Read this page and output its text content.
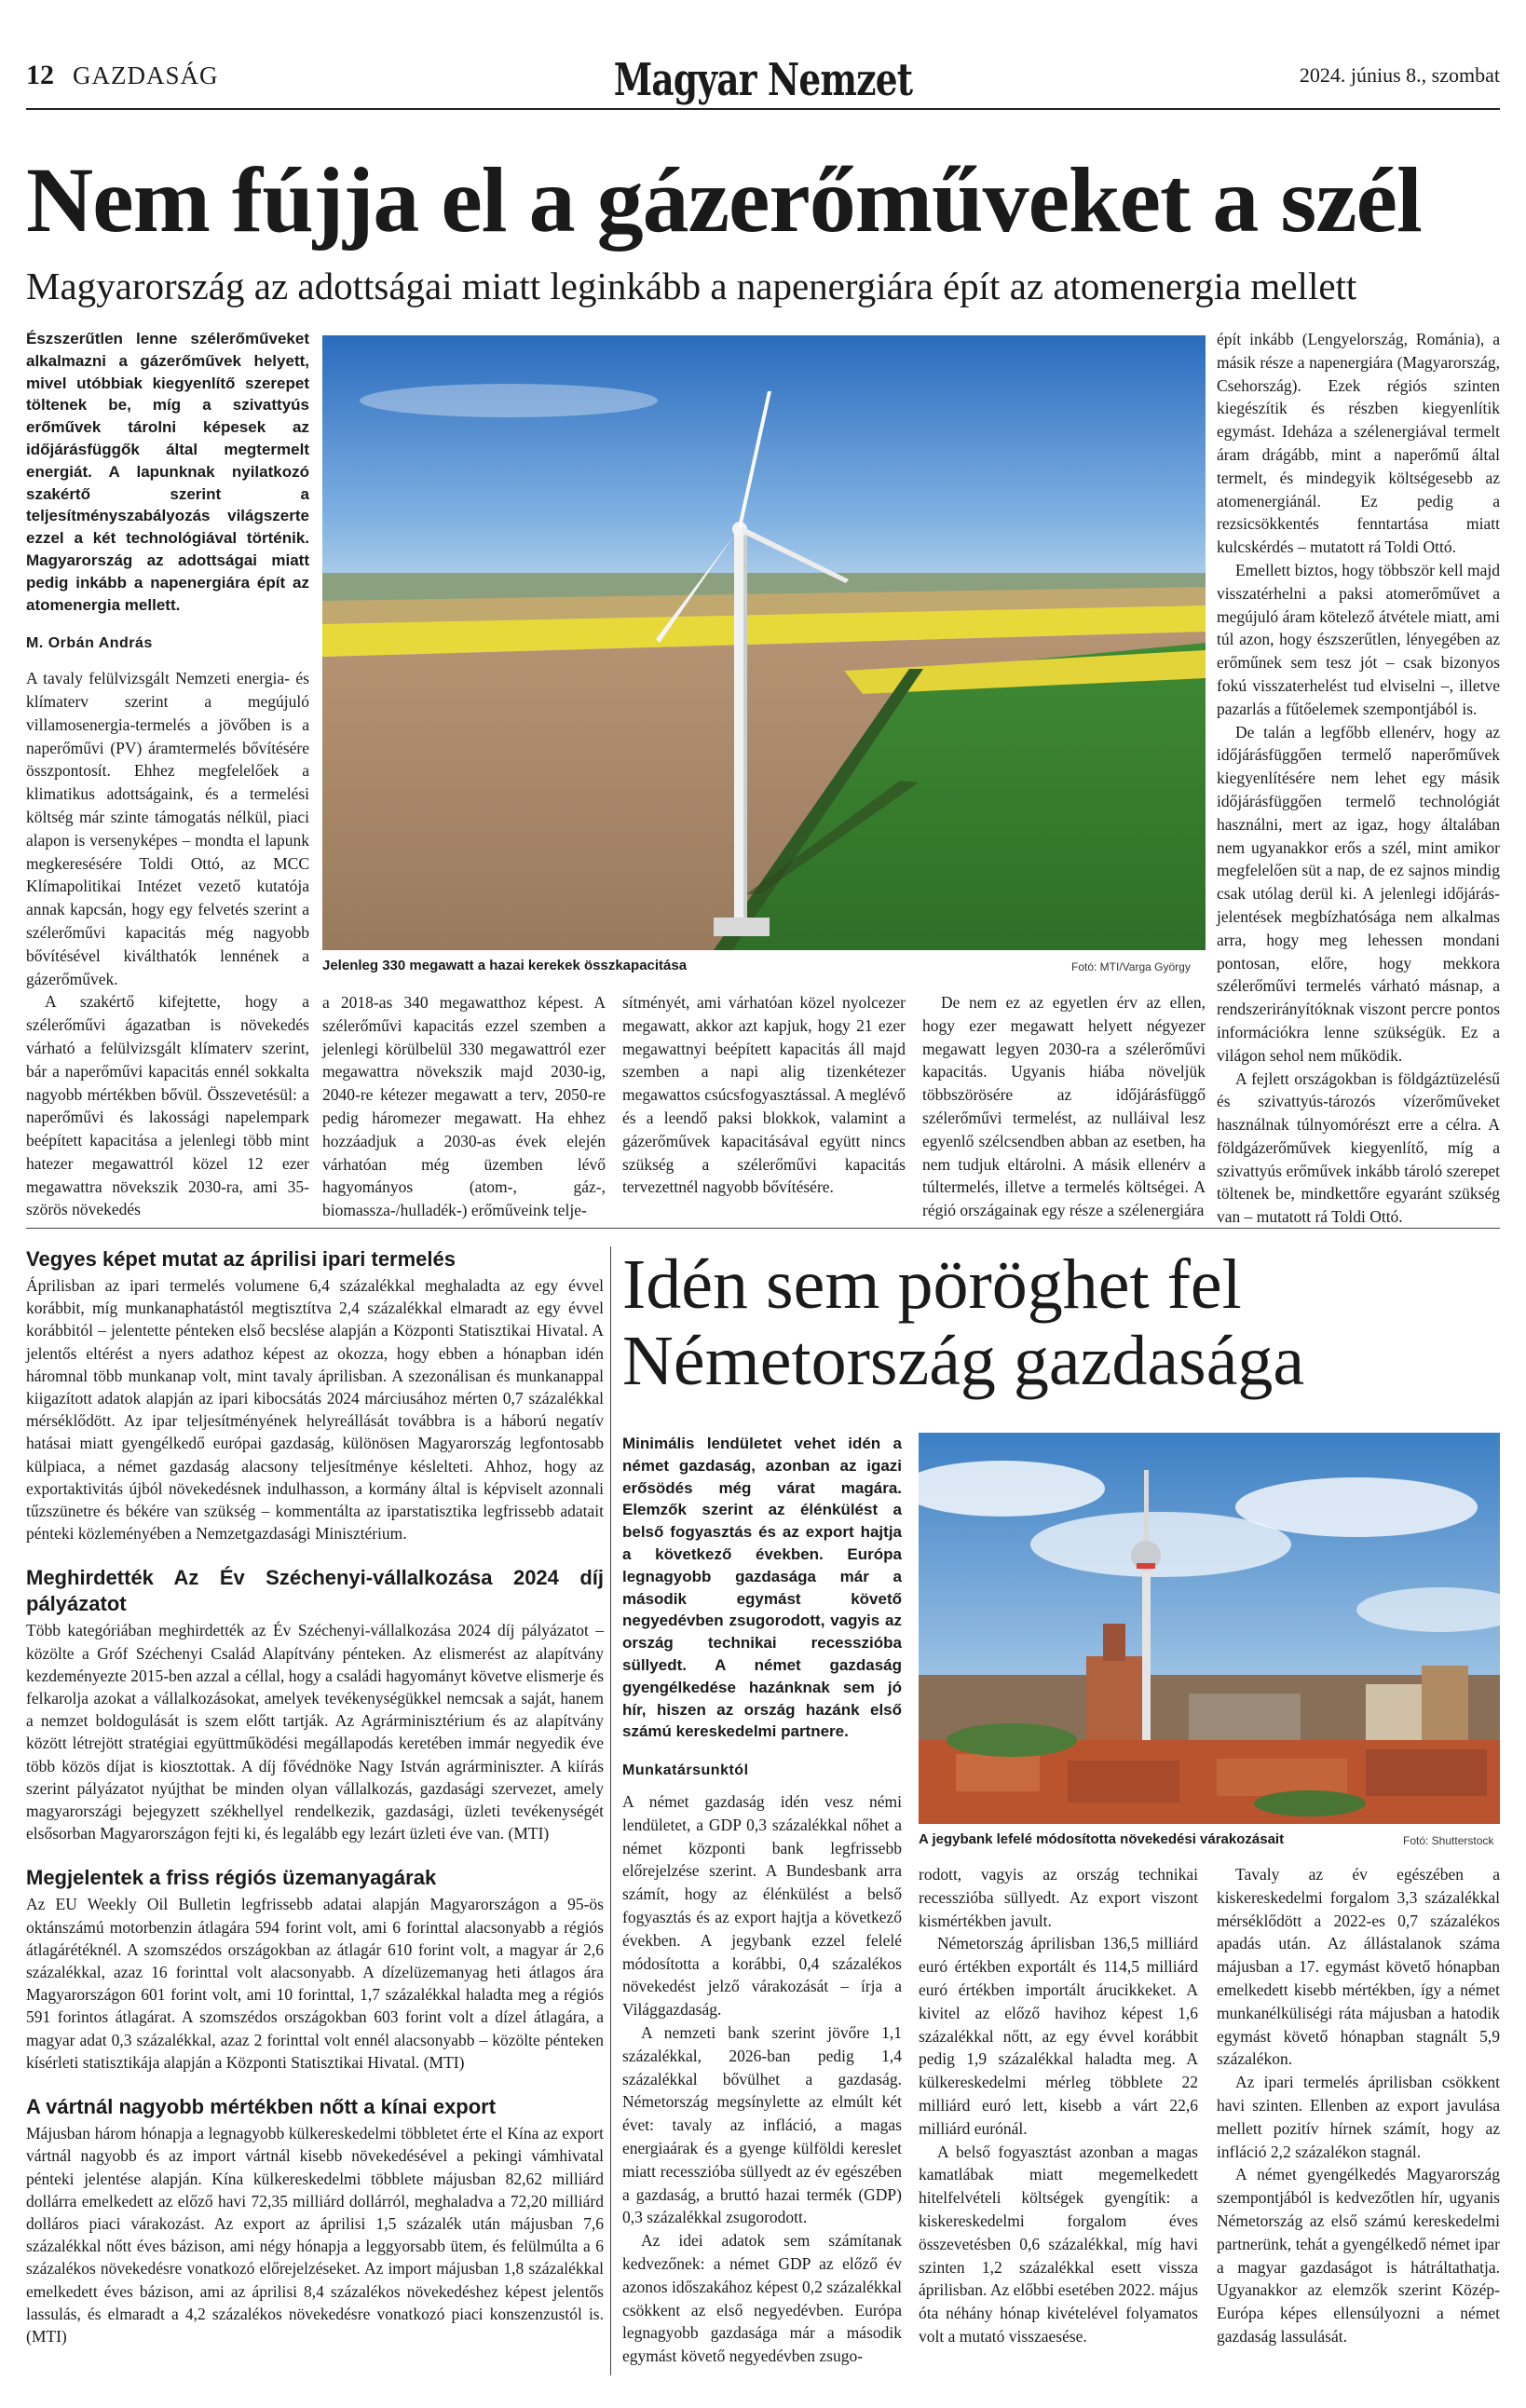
12 GAZDASÁG	Magyar Nemzet	2024. június 8., szombat
Nem fújja el a gázerőműveket a szél
Magyarország az adottságai miatt leginkább a napenergiára épít az atomenergia mellett

Észszerűtlen lenne szélerőműveket alkalmazni a gázerőművek helyett, mivel utóbbiak kiegyenlítő szerepet töltenek be, míg a szivattyús erőművek tárolni képesek az időjárásfüggők által megtermelt energiát. A lapunknak nyilatkozó szakértő szerint a teljesítményszabályozás világszerte ezzel a két technológiával történik. Magyarország az adottságai miatt pedig inkább a napenergiára épít az atomenergia mellett.

M. Orbán András

A tavaly felülvizsgált Nemzeti energia- és klímaterv szerint a megújuló villamosenergia-termelés a jövőben is a naperőművi (PV) áramtermelés bővítésére összpontosít. Ehhez megfelelőek a klimatikus adottságaink, és a termelési költség már szinte támogatás nélkül, piaci alapon is versenyképes – mondta el lapunk megkeresésére Toldi Ottó, az MCC Klímapolitikai Intézet vezető kutatója annak kapcsán, hogy egy felvetés szerint a szélerőművi kapacitás még nagyobb bővítésével kiválthatók lennének a gázerőművek.

A szakértő kifejtette, hogy a szélerőművi ágazatban is növekedés várható a felülvizsgált klímaterv szerint, bár a naperőművi kapacitás ennél sokkalta nagyobb mértékben bővül. Összevetésül: a naperőművi és lakossági napelempark beépített kapacitása a jelenlegi több mint hatezer megawattról közel 12 ezer megawattra növekszik 2030-ra, ami 35-szörös növekedés

Jelenleg 330 megawatt a hazai kerekek összkapacitása	Fotó: MTI/Varga György

a 2018-as 340 megawatthoz képest. A szélerőművi kapacitás ezzel szemben a jelenlegi körülbelül 330 megawattról ezer megawattra növekszik majd 2030-ig, 2040-re kétezer megawatt a terv, 2050-re pedig háromezer megawatt. Ha ehhez hozzáadjuk a 2030-as évek elején várhatóan még üzemben lévő hagyományos (atom-, gáz-, biomassza-/hulladék-) erőműveink telje-

sítményét, ami várhatóan közel nyolcezer megawatt, akkor azt kapjuk, hogy 21 ezer megawattnyi beépített kapacitás áll majd szemben a napi alig tizenkétezer megawattos csúcsfogyasztással. A meglévő és a leendő paksi blokkok, valamint a gázerőművek kapacitásával együtt nincs szükség a szélerőművi kapacitás tervezettnél nagyobb bővítésére.

De nem ez az egyetlen érv az ellen, hogy ezer megawatt helyett négyezer megawatt legyen 2030-ra a szélerőművi kapacitás. Ugyanis hiába növeljük többszörösére az időjárásfüggő szélerőművi termelést, az nulláival lesz egyenlő szélcsendben abban az esetben, ha nem tudjuk eltárolni. A másik ellenérv a túltermelés, illetve a termelés költségei. A régió országainak egy része a szélenergiára

épít inkább (Lengyelország, Románia), a másik része a napenergiára (Magyarország, Csehország). Ezek régiós szinten kiegészítik és részben kiegyenlítik egymást. Ideháza a szélenergiával termelt áram drágább, mint a naperőmű által termelt, és mindegyik költségesebb az atomenergiánál. Ez pedig a rezsicsökkentés fenntartása miatt kulcskérdés – mutatott rá Toldi Ottó.

Emellett biztos, hogy többször kell majd visszatérhelni a paksi atomerőművet a megújuló áram kötelező átvétele miatt, ami túl azon, hogy észszerűtlen, lényegében az erőműnek sem tesz jót – csak bizonyos fokú visszaterhelést tud elviselni –, illetve pazarlás a fűtőelemek szempontjából is.

De talán a legfőbb ellenérv, hogy az időjárásfüggően termelő naperőművek kiegyenlítésére nem lehet egy másik időjárásfüggően termelő technológiát használni, mert az igaz, hogy általában nem ugyanakkor erős a szél, mint amikor megfelelően süt a nap, de ez sajnos mindig csak utólag derül ki. A jelenlegi időjárás-jelentések megbízhatósága nem alkalmas arra, hogy meg lehessen mondani pontosan, előre, hogy mekkora szélerőművi termelés várható másnap, a rendszerirányítóknak viszont percre pontos információkra lenne szükségük. Ez a világon sehol nem működik.

A fejlett országokban is földgáztüzelésű és szivattyús-tározós vízerőműveket használnak túlnyomórészt erre a célra. A földgázerőművek kiegyenlítő, míg a szivattyús erőművek inkább tároló szerepet töltenek be, mindkettőre egyaránt szükség van – mutatott rá Toldi Ottó.

Vegyes képet mutat az áprilisi ipari termelés

Áprilisban az ipari termelés volumene 6,4 százalékkal meghaladta az egy évvel korábbit, míg munkanaphatástól megtisztítva 2,4 százalékkal elmaradt az egy évvel korábbitól – jelentette pénteken első becslése alapján a Központi Statisztikai Hivatal. A jelentős eltérést a nyers adathoz képest az okozza, hogy ebben a hónapban idén háromnal több munkanap volt, mint tavaly áprilisban. A szezonálisan és munkanappal kiigazított adatok alapján az ipari kibocsátás 2024 márciusához mérten 0,7 százalékkal mérséklődött. Az ipar teljesítményének helyreállását továbbra is a háború negatív hatásai miatt gyengélkedő európai gazdaság, különösen Magyarország legfontosabb külpiaca, a német gazdaság alacsony teljesítménye késlelteti. Ahhoz, hogy az exportaktivitás újból növekedésnek indulhasson, a kormány által is képviselt azonnali tűzszünetre és békére van szükség – kommentálta az iparstatisztika legfrissebb adatait pénteki közleményében a Nemzetgazdasági Minisztérium.

Meghirdették Az Év Széchenyi-vállalkozása 2024 díj pályázatot

Több kategóriában meghirdették az Év Széchenyi-vállalkozása 2024 díj pályázatot – közölte a Gróf Széchenyi Család Alapítvány pénteken. Az elismerést az alapítvány kezdeményezte 2015-ben azzal a céllal, hogy a családi hagyományt követve elismerje és felkarolja azokat a vállalkozásokat, amelyek tevékenységükkel nemcsak a saját, hanem a nemzet boldogulását is szem előtt tartják. Az Agrárminisztérium és az alapítvány között létrejött stratégiai együttműködési megállapodás keretében immár negyedik éve több közös díjat is kiosztottak. A díj fővédnöke Nagy István agrárminiszter. A kiírás szerint pályázatot nyújthat be minden olyan vállalkozás, gazdasági szervezet, amely magyarországi bejegyzett székhellyel rendelkezik, gazdasági, üzleti tevékenységét elsősorban Magyarországon fejti ki, és legalább egy lezárt üzleti éve van. (MTI)

Megjelentek a friss régiós üzemanyagárak

Az EU Weekly Oil Bulletin legfrissebb adatai alapján Magyarországon a 95-ös oktánszámú motorbenzin átlagára 594 forint volt, ami 6 forinttal alacsonyabb a régiós átlagárétéknél. A szomszédos országokban az átlagár 610 forint volt, a magyar ár 2,6 százalékkal, azaz 16 forinttal volt alacsonyabb. A dízelüzemanyag heti átlagos ára Magyarországon 601 forint volt, ami 10 forinttal, 1,7 százalékkal haladta meg a régiós 591 forintos átlagárat. A szomszédos országokban 603 forint volt a dízel átlagára, a magyar adat 0,3 százalékkal, azaz 2 forinttal volt ennél alacsonyabb – közölte pénteken kísérleti statisztikája alapján a Központi Statisztikai Hivatal. (MTI)

A vártnál nagyobb mértékben nőtt a kínai export

Májusban három hónapja a legnagyobb külkereskedelmi többletet érte el Kína az export vártnál nagyobb és az import vártnál kisebb növekedésével a pekingi vámhivatal pénteki jelentése alapján. Kína külkereskedelmi többlete májusban 82,62 milliárd dollárra emelkedett az előző havi 72,35 milliárd dollárról, meghaladva a 72,20 milliárd dolláros piaci várakozást. Az export az áprilisi 1,5 százalék után májusban 7,6 százalékkal nőtt éves bázison, ami négy hónapja a leggyorsabb ütem, és felülmúlta a 6 százalékos növekedésre vonatkozó előrejelzéseket. Az import májusban 1,8 százalékkal emelkedett éves bázison, ami az áprilisi 8,4 százalékos növekedéshez képest jelentős lassulás, és elmaradt a 4,2 százalékos növekedésre vonatkozó piaci konszenzustól is. (MTI)

Idén sem pöröghet fel Németország gazdasága

Minimális lendületet vehet idén a német gazdaság, azonban az igazi erősödés még várat magára. Elemzők szerint az élénkülést a belső fogyasztás és az export hajtja a következő években. Európa legnagyobb gazdasága már a második egymást követő negyedévben zsugorodott, vagyis az ország technikai recesszióba süllyedt. A német gazdaság gyengélkedése hazánknak sem jó hír, hiszen az ország hazánk első számú kereskedelmi partnere.

Munkatársunktól
A jegybank lefelé módosította növekedési várakozásait	Fotó: Shutterstock

A német gazdaság idén vesz némi lendületet, a GDP 0,3 százalékkal nőhet a német központi bank legfrissebb előrejelzése szerint. A Bundesbank arra számít, hogy az élénkülést a belső fogyasztás és az export hajtja a következő években. A jegybank ezzel felelé módosította a korábbi, 0,4 százalékos növekedést jelző várakozását – írja a Világgazdaság.

A nemzeti bank szerint jövőre 1,1 százalékkal, 2026-ban pedig 1,4 százalékkal bővülhet a gazdaság. Németország megsínylette az elmúlt két évet: tavaly az infláció, a magas energiaárak és a gyenge külföldi kereslet miatt recesszióba süllyedt az év egészében a gazdaság, a bruttó hazai termék (GDP) 0,3 százalékkal zsugorodott.

Az idei adatok sem számítanak kedvezőnek: a német GDP az előző év azonos időszakához képest 0,2 százalékkal csökkent az első negyedévben. Európa legnagyobb gazdasága már a második egymást követő negyedévben zsugo-

rodott, vagyis az ország technikai recesszióba süllyedt. Az export viszont kismértékben javult.

Németország áprilisban 136,5 milliárd euró értékben exportált és 114,5 milliárd euró értékben importált árucikkeket. A kivitel az előző havihoz képest 1,6 százalékkal nőtt, az egy évvel korábbit pedig 1,9 százalékkal haladta meg. A külkereskedelmi mérleg többlete 22 milliárd euró lett, kisebb a várt 22,6 milliárd eurónál.

A belső fogyasztást azonban a magas kamatlábak miatt megemelkedett hitelfelvételi költségek gyengítik: a kiskereskedelmi forgalom éves összevetésben 0,6 százalékkal, míg havi szinten 1,2 százalékkal esett vissza áprilisban. Az előbbi esetében 2022. május óta néhány hónap kivételével folyamatos volt a mutató visszaesése.

Tavaly az év egészében a kiskereskedelmi forgalom 3,3 százalékkal mérséklődött a 2022-es 0,7 százalékos apadás után. Az állástalanok száma májusban a 17. egymást követő hónapban emelkedett kisebb mértékben, így a német munkanélküliségi ráta májusban a hatodik egymást követő hónapban stagnált 5,9 százalékon.

Az ipari termelés áprilisban csökkent havi szinten. Ellenben az export javulása mellett pozitív hírnek számít, hogy az infláció 2,2 százalékon stagnál.

A német gyengélkedés Magyarország szempontjából is kedvezőtlen hír, ugyanis Németország az első számú kereskedelmi partnerünk, tehát a gyengélkedő német ipar a magyar gazdaságot is hátráltathatja. Ugyanakkor az elemzők szerint Közép-Európa képes ellensúlyozni a német gazdaság lassulását.
